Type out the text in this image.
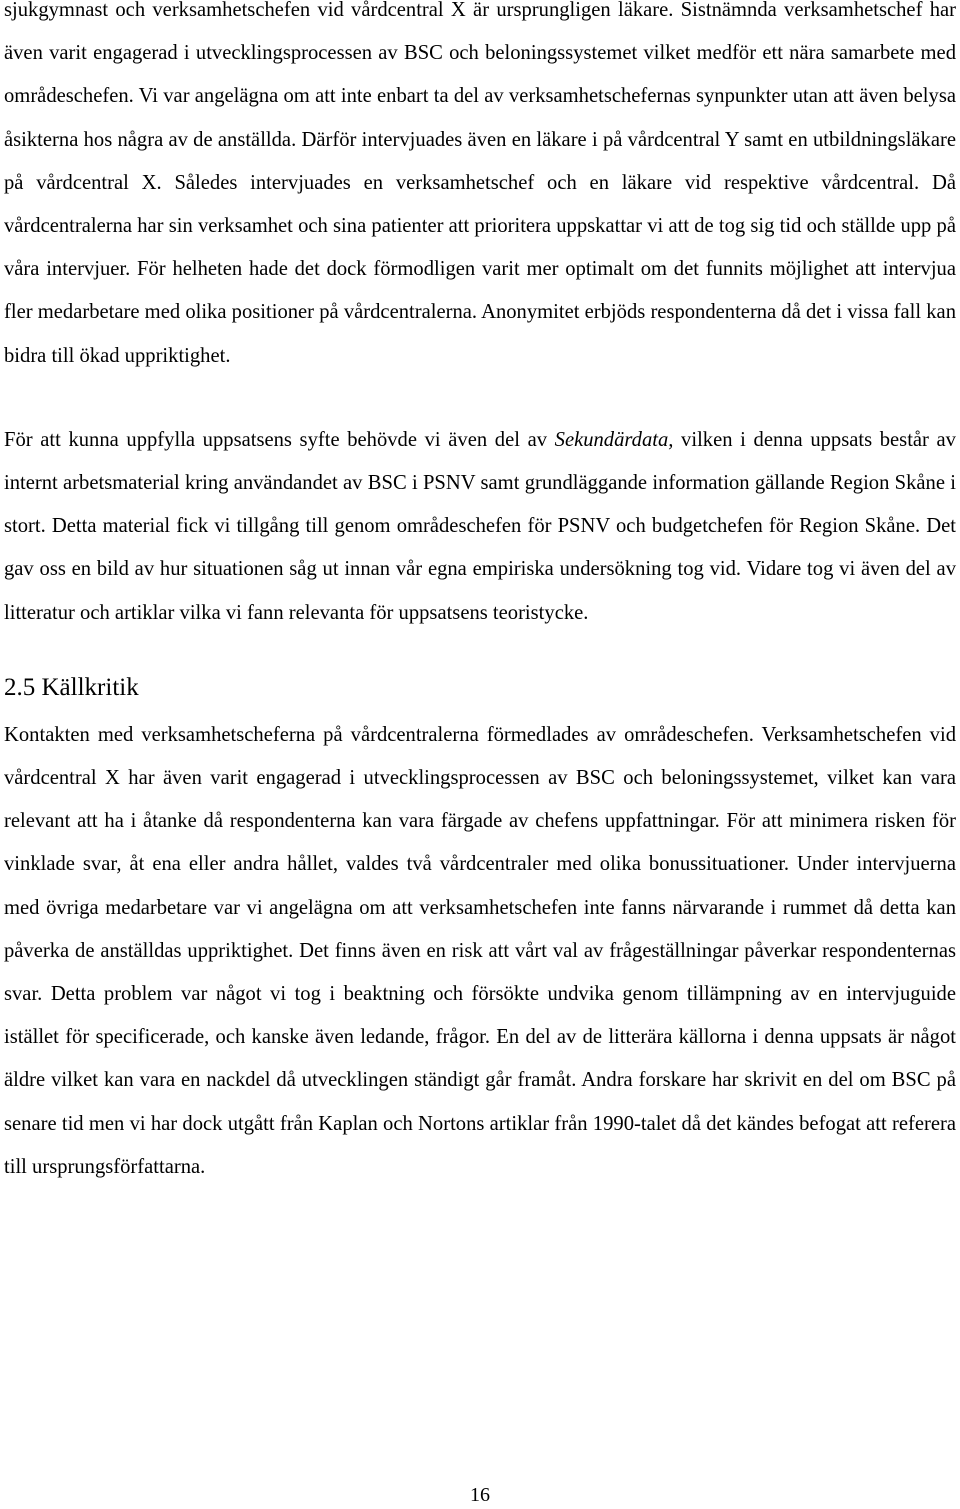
sjukgymnast och verksamhetschefen vid vårdcentral X är ursprungligen läkare. Sistnämnda verksamhetschef har även varit engagerad i utvecklingsprocessen av BSC och beloningssystemet vilket medför ett nära samarbete med områdeschefen. Vi var angelägna om att inte enbart ta del av verksamhetschefernas synpunkter utan att även belysa åsikterna hos några av de anställda. Därför intervjuades även en läkare i på vårdcentral Y samt en utbildningsläkare på vårdcentral X. Således intervjuades en verksamhetschef och en läkare vid respektive vårdcentral. Då vårdcentralerna har sin verksamhet och sina patienter att prioritera uppskattar vi att de tog sig tid och ställde upp på våra intervjuer. För helheten hade det dock förmodligen varit mer optimalt om det funnits möjlighet att intervjua fler medarbetare med olika positioner på vårdcentralerna. Anonymitet erbjöds respondenterna då det i vissa fall kan bidra till ökad uppriktighet.

För att kunna uppfylla uppsatsens syfte behövde vi även del av Sekundärdata, vilken i denna uppsats består av internt arbetsmaterial kring användandet av BSC i PSNV samt grundläggande information gällande Region Skåne i stort. Detta material fick vi tillgång till genom områdeschefen för PSNV och budgetchefen för Region Skåne. Det gav oss en bild av hur situationen såg ut innan vår egna empiriska undersökning tog vid. Vidare tog vi även del av litteratur och artiklar vilka vi fann relevanta för uppsatsens teoristycke.

2.5 Källkritik

Kontakten med verksamhetscheferna på vårdcentralerna förmedlades av områdeschefen. Verksamhetschefen vid vårdcentral X har även varit engagerad i utvecklingsprocessen av BSC och beloningssystemet, vilket kan vara relevant att ha i åtanke då respondenterna kan vara färgade av chefens uppfattningar. För att minimera risken för vinklade svar, åt ena eller andra hållet, valdes två vårdcentraler med olika bonussituationer. Under intervjuerna med övriga medarbetare var vi angelägna om att verksamhetschefen inte fanns närvarande i rummet då detta kan påverka de anställdas uppriktighet. Det finns även en risk att vårt val av frågeställningar påverkar respondenternas svar. Detta problem var något vi tog i beaktning och försökte undvika genom tillämpning av en intervjuguide istället för specificerade, och kanske även ledande, frågor. En del av de litterära källorna i denna uppsats är något äldre vilket kan vara en nackdel då utvecklingen ständigt går framåt. Andra forskare har skrivit en del om BSC på senare tid men vi har dock utgått från Kaplan och Nortons artiklar från 1990-talet då det kändes befogat att referera till ursprungsförfattarna.

16
